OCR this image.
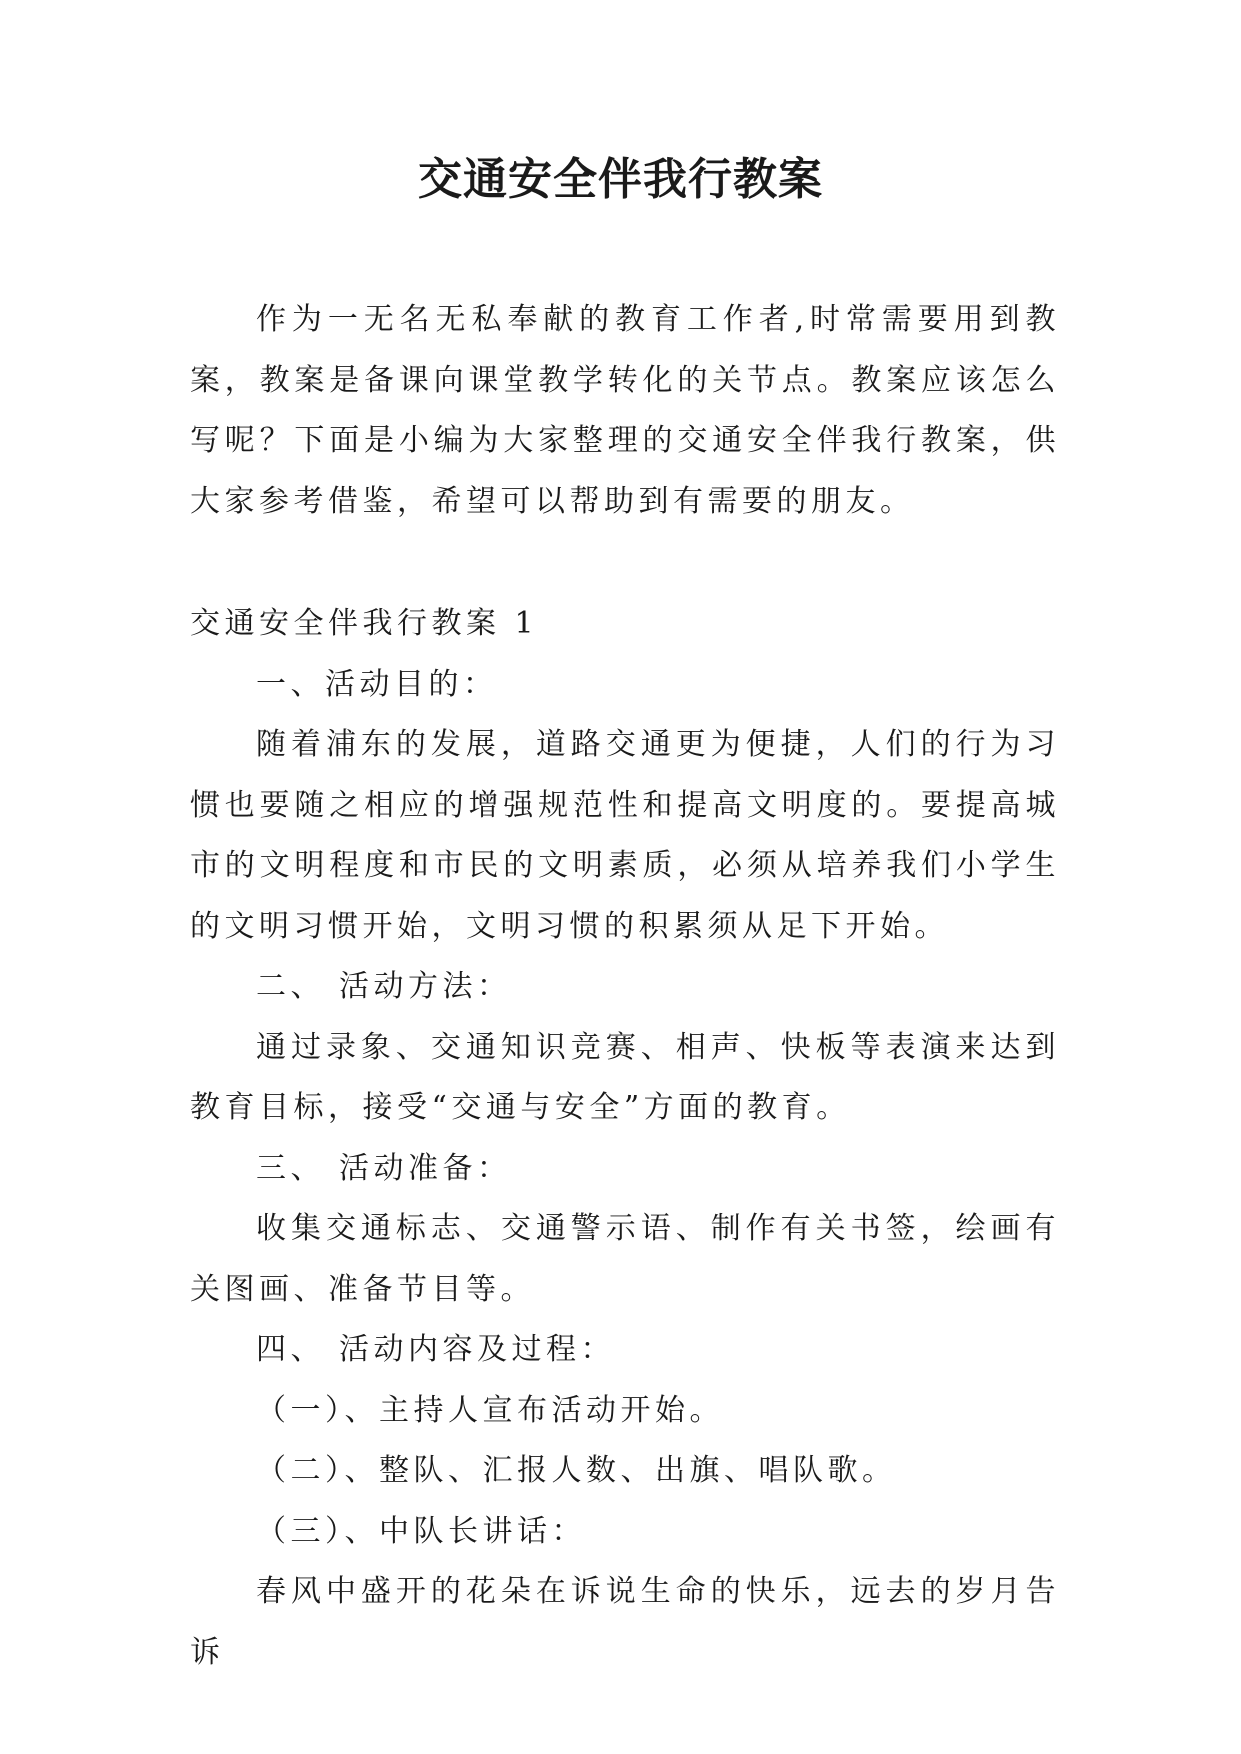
交通安全伴我行教案

作为一无名无私奉献的教育工作者,时常需要用到教案，教案是备课向课堂教学转化的关节点。教案应该怎么写呢？下面是小编为大家整理的交通安全伴我行教案，供大家参考借鉴，希望可以帮助到有需要的朋友。

交通安全伴我行教案 1

一、活动目的：

随着浦东的发展，道路交通更为便捷，人们的行为习惯也要随之相应的增强规范性和提高文明度的。要提高城市的文明程度和市民的文明素质，必须从培养我们小学生的文明习惯开始，文明习惯的积累须从足下开始。

二、 活动方法：

通过录象、交通知识竞赛、相声、快板等表演来达到教育目标，接受“交通与安全”方面的教育。

三、 活动准备：

收集交通标志、交通警示语、制作有关书签，绘画有关图画、准备节目等。

四、 活动内容及过程：

（一）、主持人宣布活动开始。

（二）、整队、汇报人数、出旗、唱队歌。

（三）、中队长讲话：

春风中盛开的花朵在诉说生命的快乐，远去的岁月告诉
